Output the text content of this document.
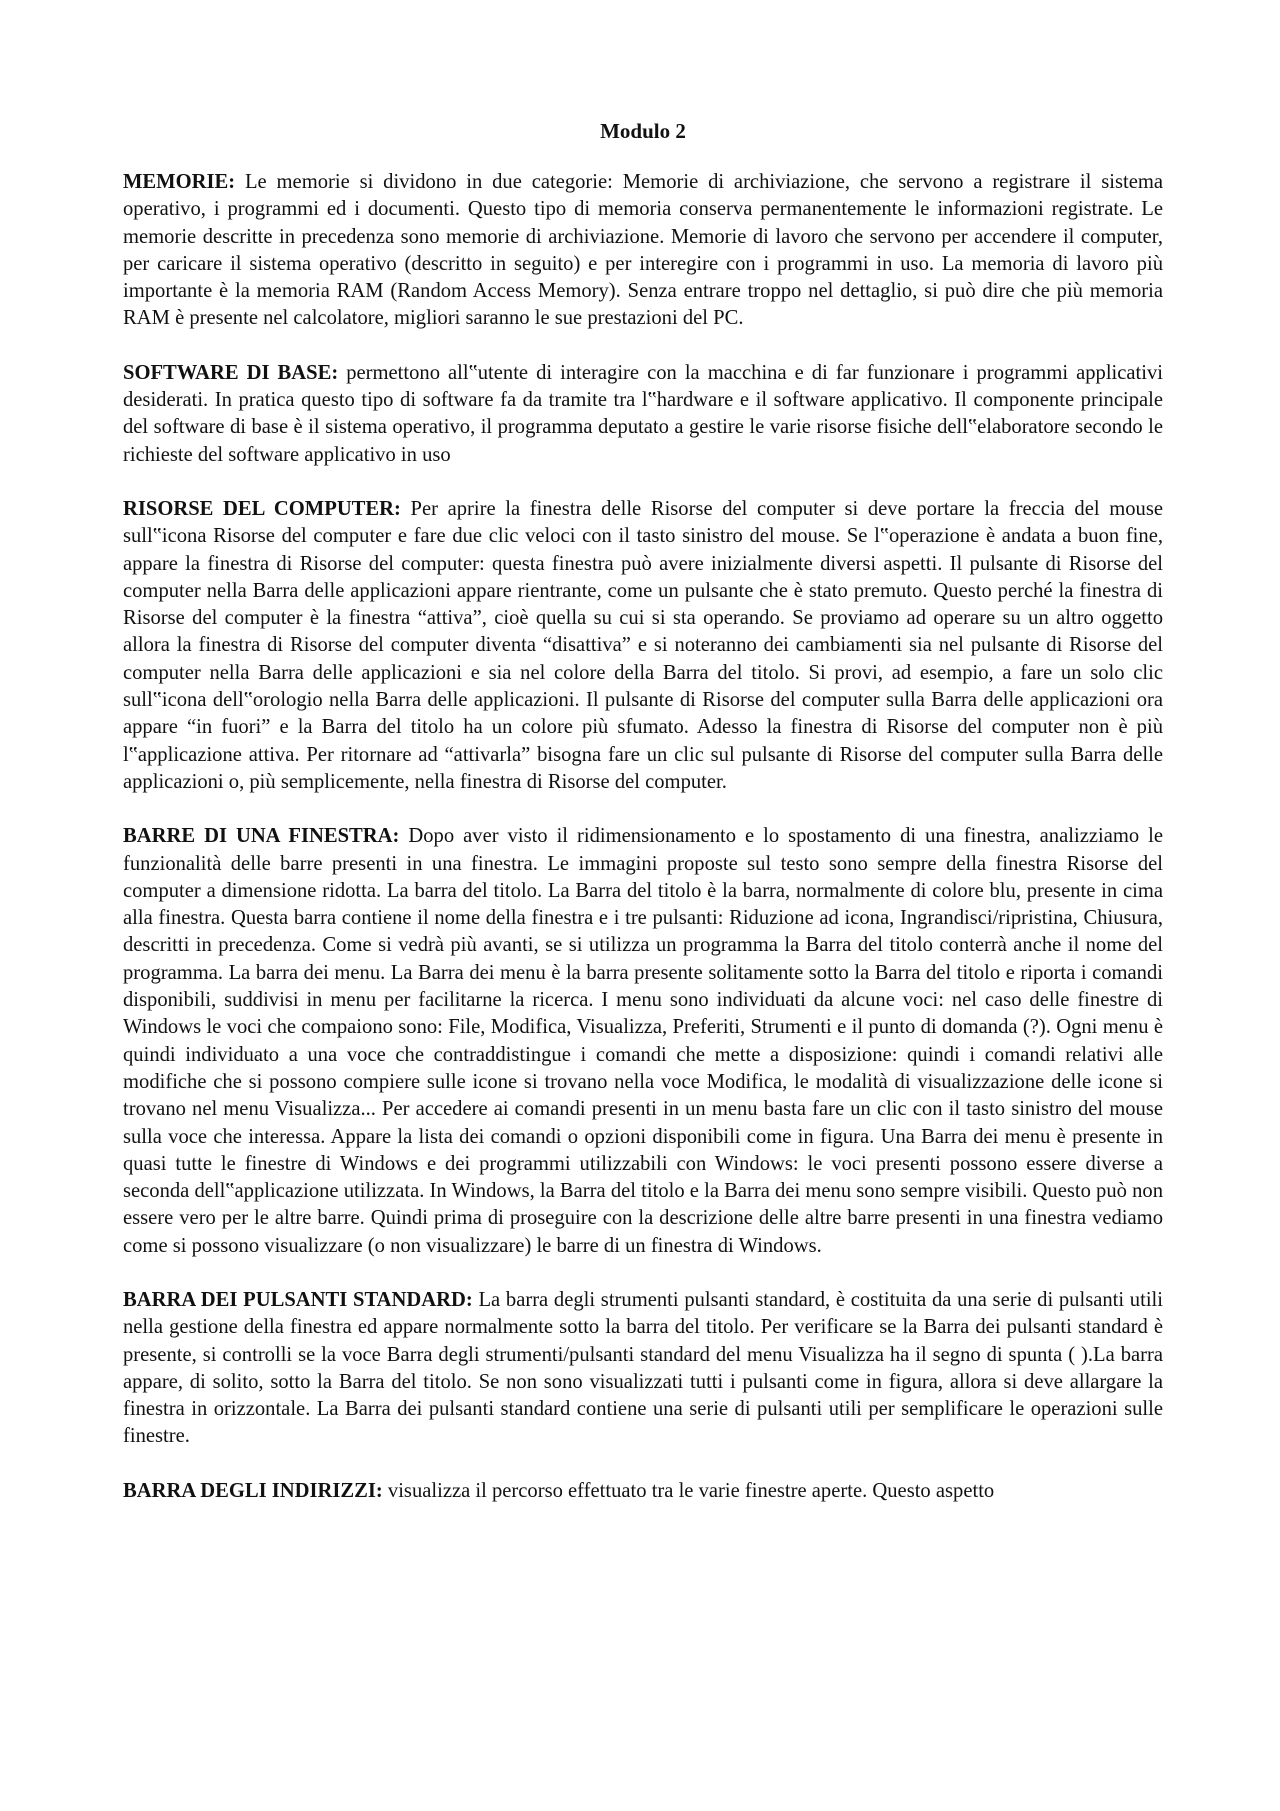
Modulo 2

MEMORIE: Le memorie si dividono in due categorie: Memorie di archiviazione, che servono a registrare il sistema operativo, i programmi ed i documenti. Questo tipo di memoria conserva permanentemente le informazioni registrate. Le memorie descritte in precedenza sono memorie di archiviazione. Memorie di lavoro che servono per accendere il computer, per caricare il sistema operativo (descritto in seguito) e per interegire con i programmi in uso. La memoria di lavoro più importante è la memoria RAM (Random Access Memory). Senza entrare troppo nel dettaglio, si può dire che più memoria RAM è presente nel calcolatore, migliori saranno le sue prestazioni del PC.

SOFTWARE DI BASE: permettono all‟utente di interagire con la macchina e di far funzionare i programmi applicativi desiderati. In pratica questo tipo di software fa da tramite tra l‟hardware e il software applicativo. Il componente principale del software di base è il sistema operativo, il programma deputato a gestire le varie risorse fisiche dell‟elaboratore secondo le richieste del software applicativo in uso

RISORSE DEL COMPUTER: Per aprire la finestra delle Risorse del computer si deve portare la freccia del mouse sull‟icona Risorse del computer e fare due clic veloci con il tasto sinistro del mouse. Se l‟operazione è andata a buon fine, appare la finestra di Risorse del computer: questa finestra può avere inizialmente diversi aspetti. Il pulsante di Risorse del computer nella Barra delle applicazioni appare rientrante, come un pulsante che è stato premuto. Questo perché la finestra di Risorse del computer è la finestra “attiva”, cioè quella su cui si sta operando. Se proviamo ad operare su un altro oggetto allora la finestra di Risorse del computer diventa “disattiva” e si noteranno dei cambiamenti sia nel pulsante di Risorse del computer nella Barra delle applicazioni e sia nel colore della Barra del titolo. Si provi, ad esempio, a fare un solo clic sull‟icona dell‟orologio nella Barra delle applicazioni. Il pulsante di Risorse del computer sulla Barra delle applicazioni ora appare “in fuori” e la Barra del titolo ha un colore più sfumato. Adesso la finestra di Risorse del computer non è più l‟applicazione attiva. Per ritornare ad “attivarla” bisogna fare un clic sul pulsante di Risorse del computer sulla Barra delle applicazioni o, più semplicemente, nella finestra di Risorse del computer.

BARRE DI UNA FINESTRA: Dopo aver visto il ridimensionamento e lo spostamento di una finestra, analizziamo le funzionalità delle barre presenti in una finestra. Le immagini proposte sul testo sono sempre della finestra Risorse del computer a dimensione ridotta. La barra del titolo. La Barra del titolo è la barra, normalmente di colore blu, presente in cima alla finestra. Questa barra contiene il nome della finestra e i tre pulsanti: Riduzione ad icona, Ingrandisci/ripristina, Chiusura, descritti in precedenza. Come si vedrà più avanti, se si utilizza un programma la Barra del titolo conterrà anche il nome del programma. La barra dei menu. La Barra dei menu è la barra presente solitamente sotto la Barra del titolo e riporta i comandi disponibili, suddivisi in menu per facilitarne la ricerca. I menu sono individuati da alcune voci: nel caso delle finestre di Windows le voci che compaiono sono: File, Modifica, Visualizza, Preferiti, Strumenti e il punto di domanda (?). Ogni menu è quindi individuato a una voce che contraddistingue i comandi che mette a disposizione: quindi i comandi relativi alle modifiche che si possono compiere sulle icone si trovano nella voce Modifica, le modalità di visualizzazione delle icone si trovano nel menu Visualizza... Per accedere ai comandi presenti in un menu basta fare un clic con il tasto sinistro del mouse sulla voce che interessa. Appare la lista dei comandi o opzioni disponibili come in figura. Una Barra dei menu è presente in quasi tutte le finestre di Windows e dei programmi utilizzabili con Windows: le voci presenti possono essere diverse a seconda dell‟applicazione utilizzata. In Windows, la Barra del titolo e la Barra dei menu sono sempre visibili. Questo può non essere vero per le altre barre. Quindi prima di proseguire con la descrizione delle altre barre presenti in una finestra vediamo come si possono visualizzare (o non visualizzare) le barre di un finestra di Windows.

BARRA DEI PULSANTI STANDARD: La barra degli strumenti pulsanti standard, è costituita da una serie di pulsanti utili nella gestione della finestra ed appare normalmente sotto la barra del titolo. Per verificare se la Barra dei pulsanti standard è presente, si controlli se la voce Barra degli strumenti/pulsanti standard del menu Visualizza ha il segno di spunta ( ).La barra appare, di solito, sotto la Barra del titolo. Se non sono visualizzati tutti i pulsanti come in figura, allora si deve allargare la finestra in orizzontale. La Barra dei pulsanti standard contiene una serie di pulsanti utili per semplificare le operazioni sulle finestre.

BARRA DEGLI INDIRIZZI: visualizza il percorso effettuato tra le varie finestre aperte. Questo aspetto
